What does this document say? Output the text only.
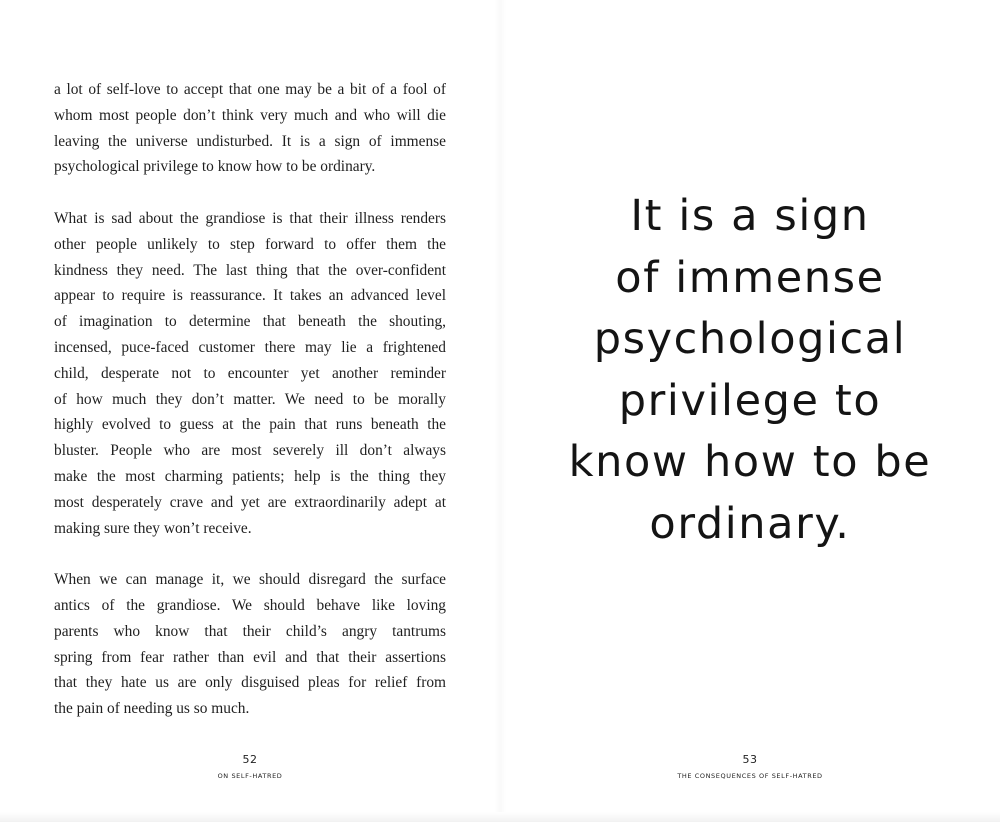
a lot of self-love to accept that one may be a bit of a fool of
whom most people don’t think very much and who will die
leaving the universe undisturbed. It is a sign of immense
psychological privilege to know how to be ordinary.

What is sad about the grandiose is that their illness renders
other people unlikely to step forward to offer them the
kindness they need. The last thing that the over-confident
appear to require is reassurance. It takes an advanced level
of imagination to determine that beneath the shouting,
incensed, puce-faced customer there may lie a frightened
child, desperate not to encounter yet another reminder
of how much they don’t matter. We need to be morally
highly evolved to guess at the pain that runs beneath the
bluster. People who are most severely ill don’t always
make the most charming patients; help is the thing they
most desperately crave and yet are extraordinarily adept at
making sure they won’t receive.

When we can manage it, we should disregard the surface
antics of the grandiose. We should behave like loving
parents who know that their child’s angry tantrums
spring from fear rather than evil and that their assertions
that they hate us are only disguised pleas for relief from
the pain of needing us so much.

52
ON SELF-HATRED
It is a sign
of immense
psychological
privilege to
know how to be
ordinary.
53
THE CONSEQUENCES OF SELF-HATRED
